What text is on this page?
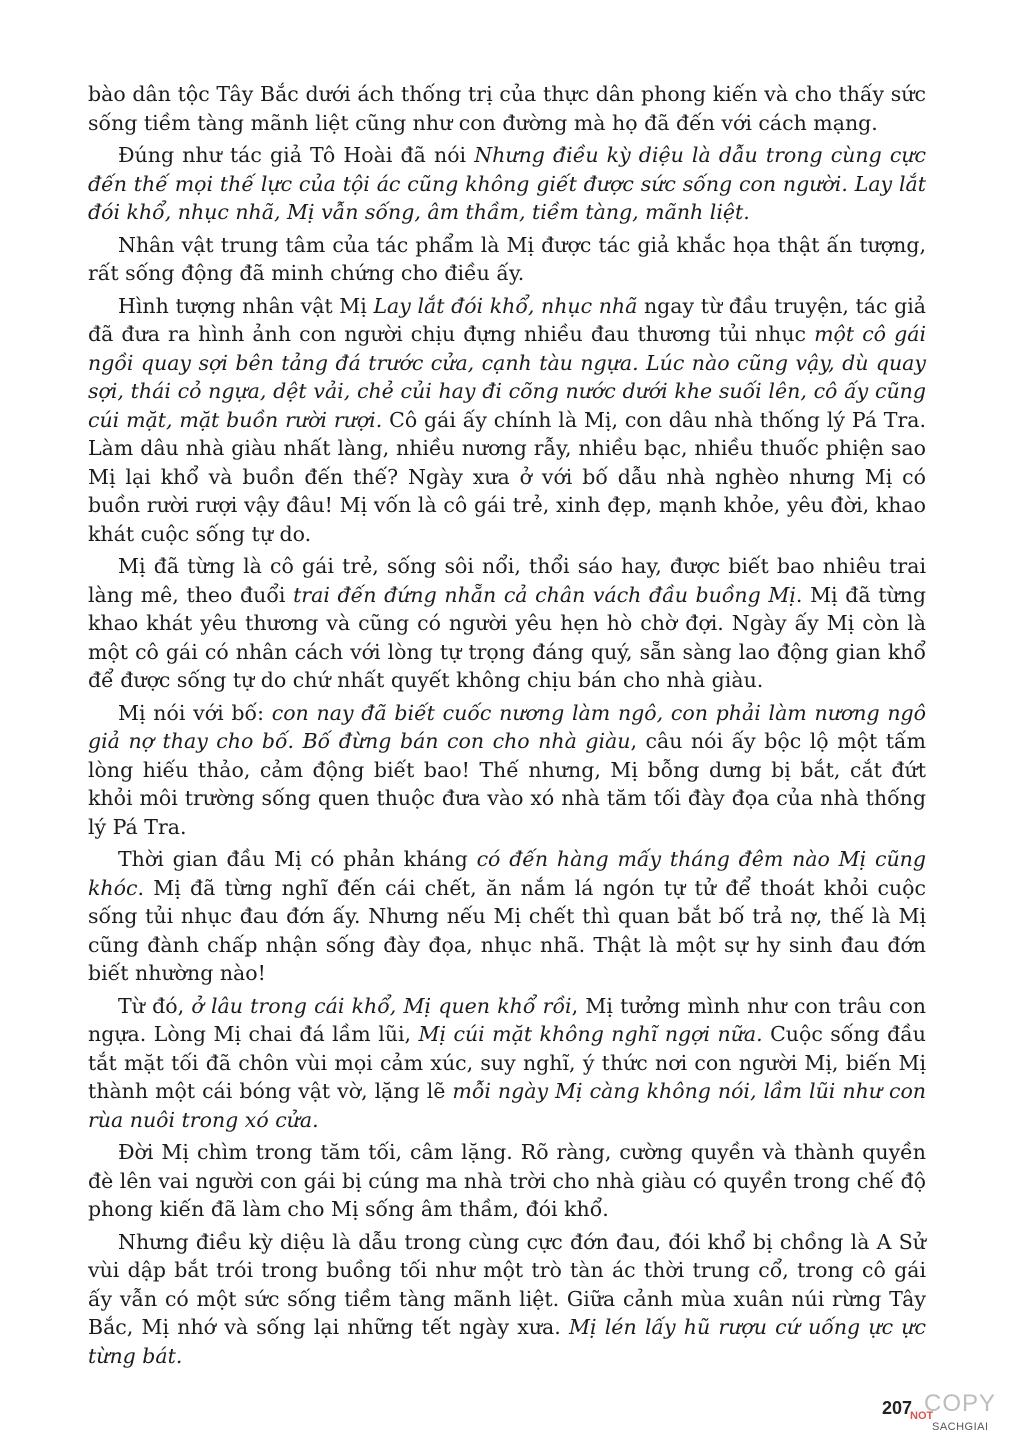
bào dân tộc Tây Bắc dưới ách thống trị của thực dân phong kiến và cho thấy sức sống tiềm tàng mãnh liệt cũng như con đường mà họ đã đến với cách mạng.

Đúng như tác giả Tô Hoài đã nói Nhưng điều kỳ diệu là dẫu trong cùng cực đến thế mọi thế lực của tội ác cũng không giết được sức sống con người. Lay lắt đói khổ, nhục nhã, Mị vẫn sống, âm thầm, tiềm tàng, mãnh liệt.

Nhân vật trung tâm của tác phẩm là Mị được tác giả khắc họa thật ấn tượng, rất sống động đã minh chứng cho điều ấy.

Hình tượng nhân vật Mị Lay lắt đói khổ, nhục nhã ngay từ đầu truyện, tác giả đã đưa ra hình ảnh con người chịu đựng nhiều đau thương tủi nhục một cô gái ngồi quay sợi bên tảng đá trước cửa, cạnh tàu ngựa. Lúc nào cũng vậy, dù quay sợi, thái cỏ ngựa, dệt vải, chẻ củi hay đi cõng nước dưới khe suối lên, cô ấy cũng cúi mặt, mặt buồn rười rượi. Cô gái ấy chính là Mị, con dâu nhà thống lý Pá Tra. Làm dâu nhà giàu nhất làng, nhiều nương rẫy, nhiều bạc, nhiều thuốc phiện sao Mị lại khổ và buồn đến thế? Ngày xưa ở với bố dẫu nhà nghèo nhưng Mị có buồn rười rượi vậy đâu! Mị vốn là cô gái trẻ, xinh đẹp, mạnh khỏe, yêu đời, khao khát cuộc sống tự do.

Mị đã từng là cô gái trẻ, sống sôi nổi, thổi sáo hay, được biết bao nhiêu trai làng mê, theo đuổi trai đến đứng nhẵn cả chân vách đầu buồng Mị. Mị đã từng khao khát yêu thương và cũng có người yêu hẹn hò chờ đợi. Ngày ấy Mị còn là một cô gái có nhân cách với lòng tự trọng đáng quý, sẵn sàng lao động gian khổ để được sống tự do chứ nhất quyết không chịu bán cho nhà giàu.

Mị nói với bố: con nay đã biết cuốc nương làm ngô, con phải làm nương ngô giả nợ thay cho bố. Bố đừng bán con cho nhà giàu, câu nói ấy bộc lộ một tấm lòng hiếu thảo, cảm động biết bao! Thế nhưng, Mị bỗng dưng bị bắt, cắt đứt khỏi môi trường sống quen thuộc đưa vào xó nhà tăm tối đày đọa của nhà thống lý Pá Tra.

Thời gian đầu Mị có phản kháng có đến hàng mấy tháng đêm nào Mị cũng khóc. Mị đã từng nghĩ đến cái chết, ăn nắm lá ngón tự tử để thoát khỏi cuộc sống tủi nhục đau đớn ấy. Nhưng nếu Mị chết thì quan bắt bố trả nợ, thế là Mị cũng đành chấp nhận sống đày đọa, nhục nhã. Thật là một sự hy sinh đau đớn biết nhường nào!

Từ đó, ở lâu trong cái khổ, Mị quen khổ rồi, Mị tưởng mình như con trâu con ngựa. Lòng Mị chai đá lầm lũi, Mị cúi mặt không nghĩ ngợi nữa. Cuộc sống đầu tắt mặt tối đã chôn vùi mọi cảm xúc, suy nghĩ, ý thức nơi con người Mị, biến Mị thành một cái bóng vật vờ, lặng lẽ mỗi ngày Mị càng không nói, lầm lũi như con rùa nuôi trong xó cửa.

Đời Mị chìm trong tăm tối, câm lặng. Rõ ràng, cường quyền và thành quyền đè lên vai người con gái bị cúng ma nhà trời cho nhà giàu có quyền trong chế độ phong kiến đã làm cho Mị sống âm thầm, đói khổ.

Nhưng điều kỳ diệu là dẫu trong cùng cực đớn đau, đói khổ bị chồng là A Sử vùi dập bắt trói trong buồng tối như một trò tàn ác thời trung cổ, trong cô gái ấy vẫn có một sức sống tiềm tàng mãnh liệt. Giữa cảnh mùa xuân núi rừng Tây Bắc, Mị nhớ và sống lại những tết ngày xưa. Mị lén lấy hũ rượu cứ uống ực ực từng bát.

207 COPY
NOT
SACHGIAI
